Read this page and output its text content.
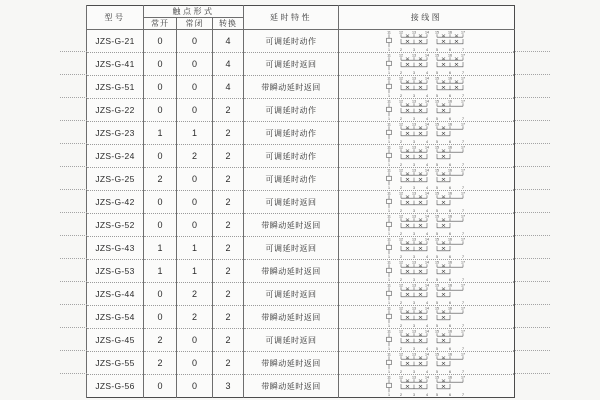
型号	触点形式			延时特性	接线图
	常开	常闭	转换		
JZS-G-21	0	0	4	可调延时动作	
11
1
12	13	14
2	3	4
15	16	17
5	6	7

JZS-G-41	0	0	4	可调延时返回	
11
1
12	13	14
2	3	4
15	16	17
5	6	7

JZS-G-51	0	0	4	带瞬动延时返回	
11
1
12	13	14
2	3	4
15	16	17
5	6	7

JZS-G-22	0	0	2	可调延时动作	
11
1
12	13	14
2	3	4
15	16	17
5	6	7

JZS-G-23	1	1	2	可调延时动作	
11
1
12	13	14
2	3	4
15	16	17
5	6	7

JZS-G-24	0	2	2	可调延时动作	
11
1
12	13	14
2	3	4
15	16	17
5	6	7

JZS-G-25	2	0	2	可调延时动作	
11
1
12	13	14
2	3	4
15	16	17
5	6	7

JZS-G-42	0	0	2	可调延时返回	
11
1
12	13	14
2	3	4
15	16	17
5	6	7

JZS-G-52	0	0	2	带瞬动延时返回	
11
1
12	13	14
2	3	4
15	16	17
5	6	7

JZS-G-43	1	1	2	可调延时返回	
11
1
12	13	14
2	3	4
15	16	17
5	6	7

JZS-G-53	1	1	2	带瞬动延时返回	
11
1
12	13	14
2	3	4
15	16	17
5	6	7

JZS-G-44	0	2	2	可调延时返回	
11
1
12	13	14
2	3	4
15	16	17
5	6	7

JZS-G-54	0	2	2	带瞬动延时返回	
11
1
12	13	14
2	3	4
15	16	17
5	6	7

JZS-G-45	2	0	2	可调延时返回	
11
1
12	13	14
2	3	4
15	16	17
5	6	7

JZS-G-55	2	0	2	带瞬动延时返回	
11
1
12	13	14
2	3	4
15	16	17
5	6	7

JZS-G-56	0	0	3	带瞬动延时返回	
11
1
12	13	14
2	3	4
15	16	17
5	6	7
